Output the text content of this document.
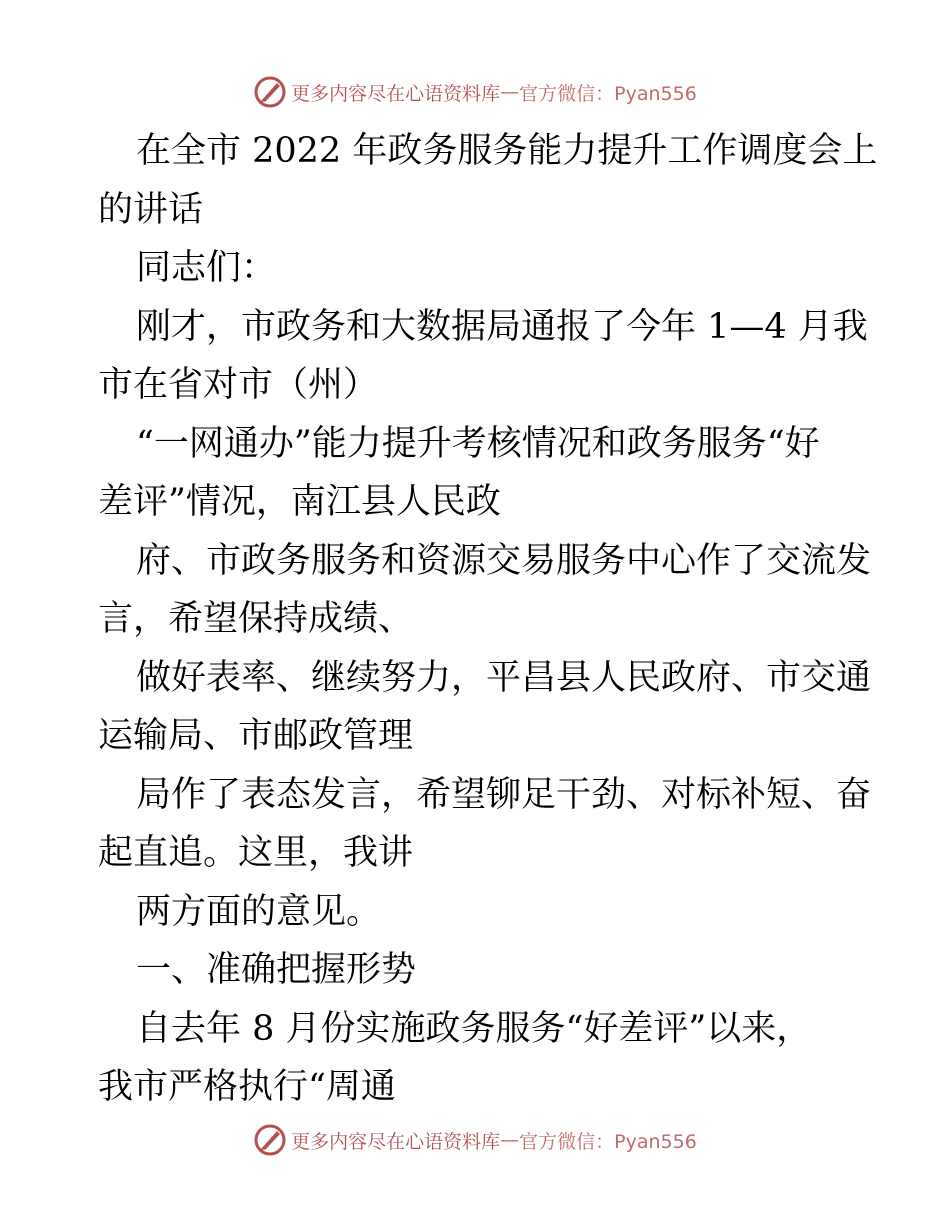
更多内容尽在心语资料库 — 官方微信：Pyan556

在全市 2022 年政务服务能力提升工作调度会上

的讲话

同志们：

刚才，市政务和大数据局通报了今年 1—4 月我

市在省对市（州）

“一网通办”能力提升考核情况和政务服务“好

差评”情况，南江县人民政

府、市政务服务和资源交易服务中心作了交流发

言，希望保持成绩、

做好表率、继续努力，平昌县人民政府、市交通

运输局、市邮政管理

局作了表态发言，希望铆足干劲、对标补短、奋

起直追。这里，我讲

两方面的意见。

一、准确把握形势

自去年 8 月份实施政务服务“好差评”以来，

我市严格执行“周通

更多内容尽在心语资料库 — 官方微信：Pyan556
